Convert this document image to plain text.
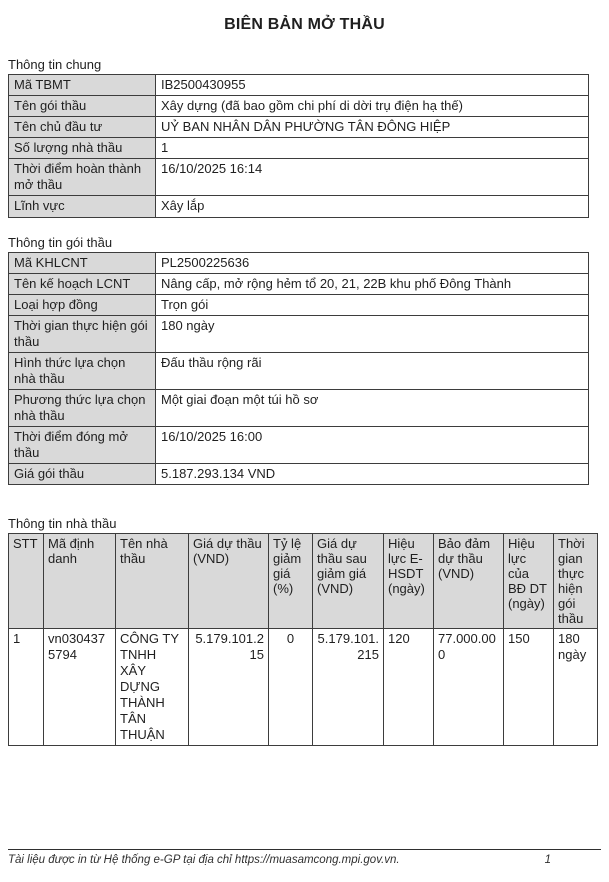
BIÊN BẢN MỞ THẦU
Thông tin chung
Mã TBMT	IB2500430955
Tên gói thầu	Xây dựng (đã bao gồm chi phí di dời trụ điện hạ thế)
Tên chủ đầu tư	UỶ BAN NHÂN DÂN PHƯỜNG TÂN ĐÔNG HIỆP
Số lượng nhà thầu	1
Thời điểm hoàn thành mở thầu	16/10/2025 16:14
Lĩnh vực	Xây lắp
Thông tin gói thầu
Mã KHLCNT	PL2500225636
Tên kế hoạch LCNT	Nâng cấp, mở rộng hẻm tổ 20, 21, 22B khu phố Đông Thành
Loại hợp đồng	Trọn gói
Thời gian thực hiện gói thầu	180 ngày
Hình thức lựa chọn nhà thầu	Đấu thầu rộng rãi
Phương thức lựa chọn nhà thầu	Một giai đoạn một túi hồ sơ
Thời điểm đóng mở thầu	16/10/2025 16:00
Giá gói thầu	5.187.293.134 VND
Thông tin nhà thầu
STT	Mã định danh	Tên nhà thầu	Giá dự thầu (VND)	Tỷ lệ giảm giá (%)	Giá dự thầu sau giảm giá (VND)	Hiệu lực E-HSDT (ngày)	Bảo đảm dự thầu (VND)	Hiệu lực của BĐ DT (ngày)	Thời gian thực hiện gói thầu
1	vn0304375794	CÔNG TY TNHH XÂY DỰNG THÀNH TÂN THUẬN	5.179.101.215	0	5.179.101.215	120	77.000.000	150	180 ngày
Tài liệu được in từ Hệ thống e-GP tại địa chỉ https://muasamcong.mpi.gov.vn.	1
